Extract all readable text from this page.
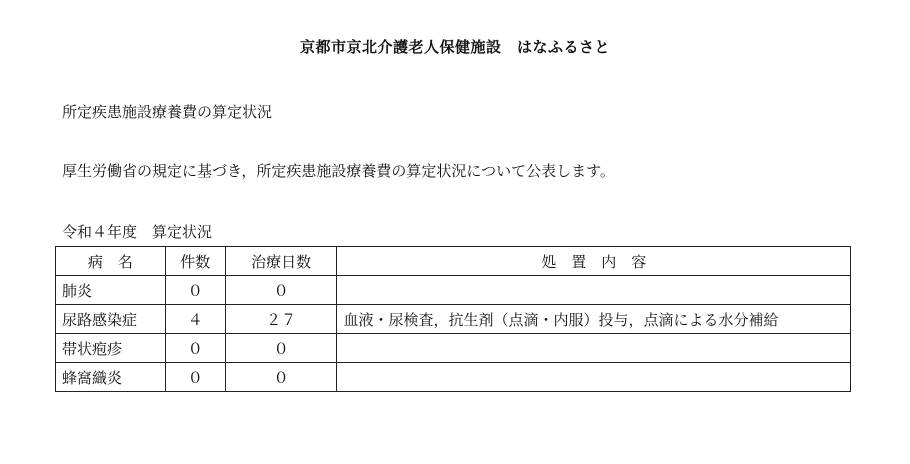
京都市京北介護老人保健施設　はなふるさと
所定疾患施設療養費の算定状況
厚生労働省の規定に基づき，所定疾患施設療養費の算定状況について公表します。
令和４年度　算定状況
病　名	件数	治療日数	処　置　内　容
肺炎	０	０	
尿路感染症	４	２７	血液・尿検査，抗生剤（点滴・内服）投与，点滴による水分補給
帯状疱疹	０	０	
蜂窩織炎	０	０	
